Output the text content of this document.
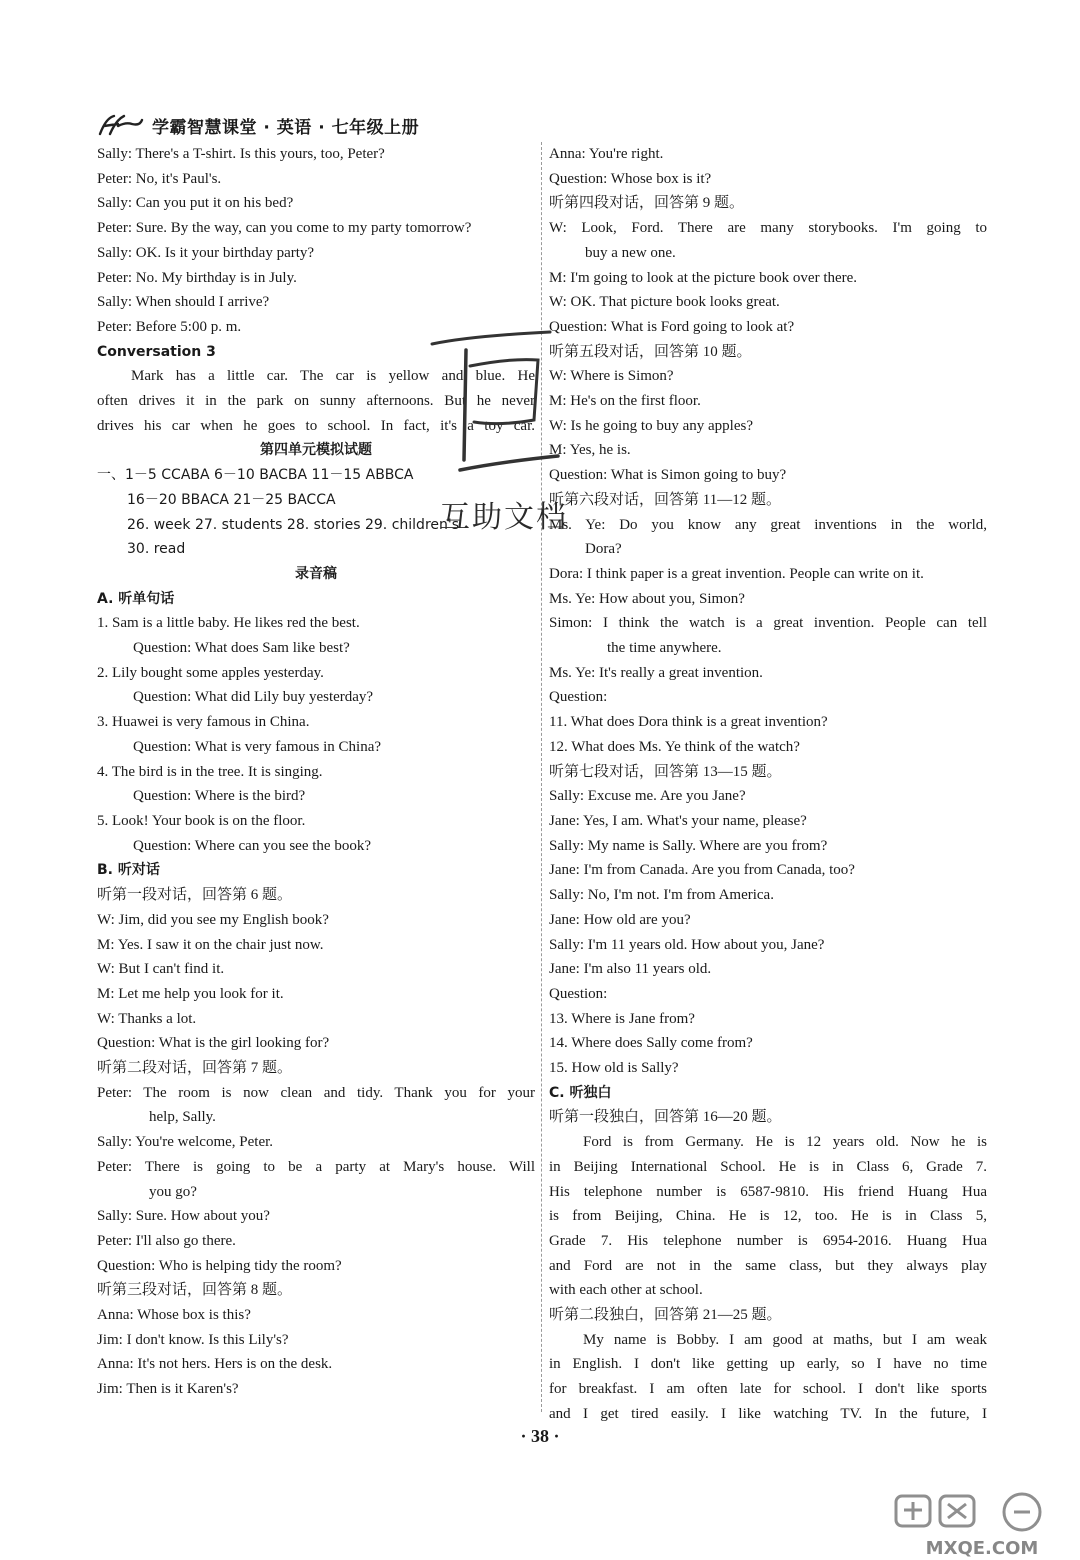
学霸智慧课堂 · 英语 · 七年级上册
Sally: There's a T-shirt. Is this yours, too, Peter?
Peter: No, it's Paul's.
Sally: Can you put it on his bed?
Peter: Sure. By the way, can you come to my party tomorrow?
Sally: OK. Is it your birthday party?
Peter: No. My birthday is in July.
Sally: When should I arrive?
Peter: Before 5:00 p. m.
Conversation 3
Mark has a little car. The car is yellow and blue. He
often drives it in the park on sunny afternoons. But he never
drives his car when he goes to school. In fact, it's a toy car.
第四单元模拟试题
一、1－5 CCABA 6－10 BACBA 11－15 ABBCA
16－20 BBACA 21－25 BACCA
26. week 27. students 28. stories 29. children's
30. read
录音稿
A. 听单句话
1. Sam is a little baby. He likes red the best.
Question: What does Sam like best?
2. Lily bought some apples yesterday.
Question: What did Lily buy yesterday?
3. Huawei is very famous in China.
Question: What is very famous in China?
4. The bird is in the tree. It is singing.
Question: Where is the bird?
5. Look! Your book is on the floor.
Question: Where can you see the book?
B. 听对话
听第一段对话，回答第 6 题。
W: Jim, did you see my English book?
M: Yes. I saw it on the chair just now.
W: But I can't find it.
M: Let me help you look for it.
W: Thanks a lot.
Question: What is the girl looking for?
听第二段对话，回答第 7 题。
Peter: The room is now clean and tidy. Thank you for your
help, Sally.
Sally: You're welcome, Peter.
Peter: There is going to be a party at Mary's house. Will
you go?
Sally: Sure. How about you?
Peter: I'll also go there.
Question: Who is helping tidy the room?
听第三段对话，回答第 8 题。
Anna: Whose box is this?
Jim: I don't know. Is this Lily's?
Anna: It's not hers. Hers is on the desk.
Jim: Then is it Karen's?
Anna: You're right.
Question: Whose box is it?
听第四段对话，回答第 9 题。
W: Look, Ford. There are many storybooks. I'm going to
buy a new one.
M: I'm going to look at the picture book over there.
W: OK. That picture book looks great.
Question: What is Ford going to look at?
听第五段对话，回答第 10 题。
W: Where is Simon?
M: He's on the first floor.
W: Is he going to buy any apples?
M: Yes, he is.
Question: What is Simon going to buy?
听第六段对话，回答第 11—12 题。
Ms. Ye: Do you know any great inventions in the world,
Dora?
Dora: I think paper is a great invention. People can write on it.
Ms. Ye: How about you, Simon?
Simon: I think the watch is a great invention. People can tell
the time anywhere.
Ms. Ye: It's really a great invention.
Question:
11. What does Dora think is a great invention?
12. What does Ms. Ye think of the watch?
听第七段对话，回答第 13—15 题。
Sally: Excuse me. Are you Jane?
Jane: Yes, I am. What's your name, please?
Sally: My name is Sally. Where are you from?
Jane: I'm from Canada. Are you from Canada, too?
Sally: No, I'm not. I'm from America.
Jane: How old are you?
Sally: I'm 11 years old. How about you, Jane?
Jane: I'm also 11 years old.
Question:
13. Where is Jane from?
14. Where does Sally come from?
15. How old is Sally?
C. 听独白
听第一段独白，回答第 16—20 题。
Ford is from Germany. He is 12 years old. Now he is
in Beijing International School. He is in Class 6, Grade 7.
His telephone number is 6587-9810. His friend Huang Hua
is from Beijing, China. He is 12, too. He is in Class 5,
Grade 7. His telephone number is 6954-2016. Huang Hua
and Ford are not in the same class, but they always play
with each other at school.
听第二段独白，回答第 21—25 题。
My name is Bobby. I am good at maths, but I am weak
in English. I don't like getting up early, so I have no time
for breakfast. I am often late for school. I don't like sports
and I get tired easily. I like watching TV. In the future, I
互助文档
· 38 ·
MXQE.COM
